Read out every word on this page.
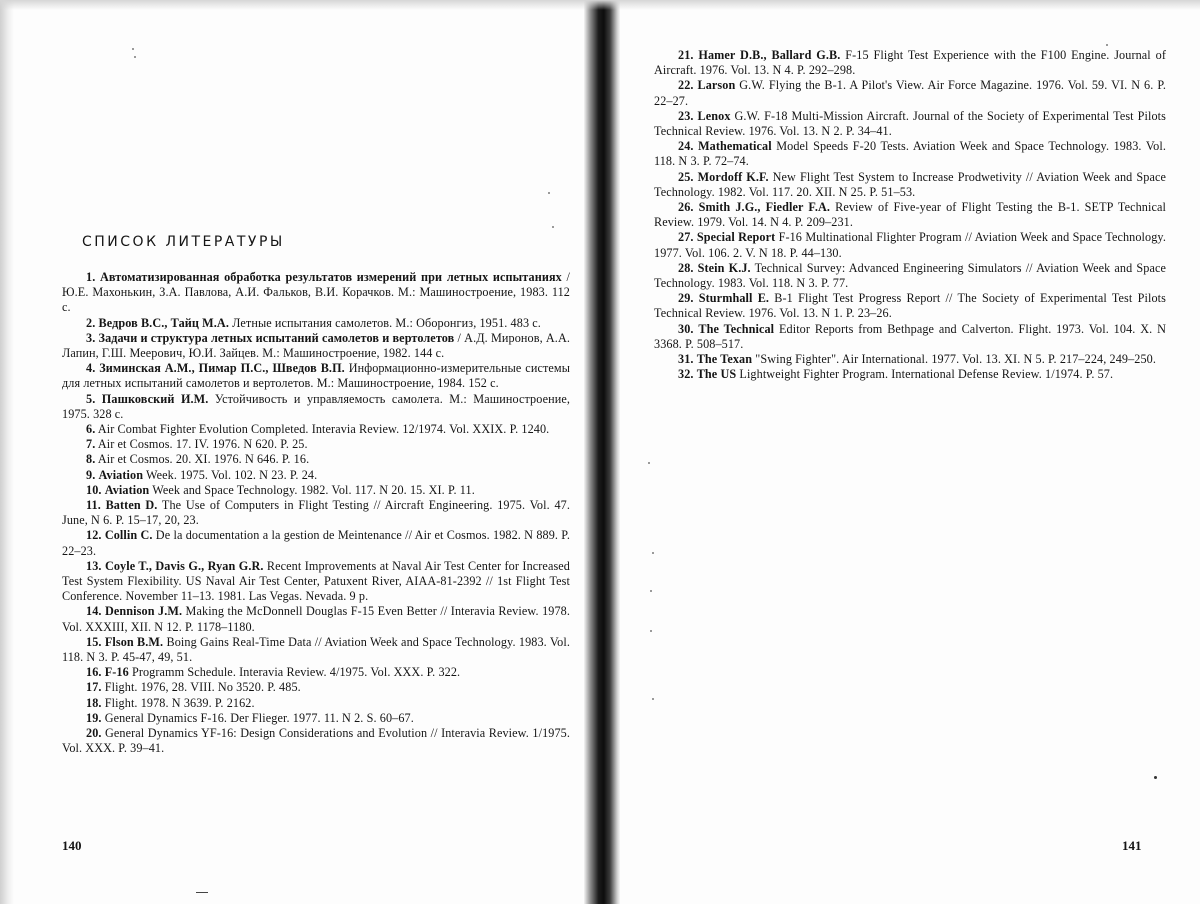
СПИСОК ЛИТЕРАТУРЫ

1. Автоматизированная обработка результатов измерений при летных испытаниях / Ю.Е. Махонькин, З.А. Павлова, А.И. Фальков, В.И. Корачков. М.: Машиностроение, 1983. 112 с.

2. Ведров В.С., Тайц М.А. Летные испытания самолетов. М.: Оборонгиз, 1951. 483 с.

3. Задачи и структура летных испытаний самолетов и вертолетов / А.Д. Миронов, А.А. Лапин, Г.Ш. Меерович, Ю.И. Зайцев. М.: Машиностроение, 1982. 144 с.

4. Зиминская А.М., Пимар П.С., Шведов В.П. Информационно-измерительные системы для летных испытаний самолетов и вертолетов. М.: Машиностроение, 1984. 152 с.

5. Пашковский И.М. Устойчивость и управляемость самолета. М.: Машиностроение, 1975. 328 с.

6. Air Combat Fighter Evolution Completed. Interavia Review. 12/1974. Vol. XXIX. P. 1240.

7. Air et Cosmos. 17. IV. 1976. N 620. P. 25.

8. Air et Cosmos. 20. XI. 1976. N 646. P. 16.

9. Aviation Week. 1975. Vol. 102. N 23. P. 24.

10. Aviation Week and Space Technology. 1982. Vol. 117. N 20. 15. XI. P. 11.

11. Batten D. The Use of Computers in Flight Testing // Aircraft Engineering. 1975. Vol. 47. June, N 6. P. 15–17, 20, 23.

12. Collin C. De la documentation a la gestion de Meintenance // Air et Cosmos. 1982. N 889. P. 22–23.

13. Coyle T., Davis G., Ryan G.R. Recent Improvements at Naval Air Test Center for Increased Test System Flexibility. US Naval Air Test Center, Patuxent River, AIAA-81-2392 // 1st Flight Test Conference. November 11–13. 1981. Las Vegas. Nevada. 9 p.

14. Dennison J.M. Making the McDonnell Douglas F-15 Even Better // Interavia Review. 1978. Vol. XXXIII, XII. N 12. P. 1178–1180.

15. Flson B.M. Boing Gains Real-Time Data // Aviation Week and Space Technology. 1983. Vol. 118. N 3. P. 45-47, 49, 51.

16. F-16 Programm Schedule. Interavia Review. 4/1975. Vol. XXX. P. 322.

17. Flight. 1976, 28. VIII. No 3520. P. 485.

18. Flight. 1978. N 3639. P. 2162.

19. General Dynamics F-16. Der Flieger. 1977. 11. N 2. S. 60–67.

20. General Dynamics YF-16: Design Considerations and Evolution // Interavia Review. 1/1975. Vol. XXX. P. 39–41.

140

21. Hamer D.B., Ballard G.B. F-15 Flight Test Experience with the F100 Engine. Journal of Aircraft. 1976. Vol. 13. N 4. P. 292–298.

22. Larson G.W. Flying the B-1. A Pilot's View. Air Force Magazine. 1976. Vol. 59. VI. N 6. P. 22–27.

23. Lenox G.W. F-18 Multi-Mission Aircraft. Journal of the Society of Experimental Test Pilots Technical Review. 1976. Vol. 13. N 2. P. 34–41.

24. Mathematical Model Speeds F-20 Tests. Aviation Week and Space Technology. 1983. Vol. 118. N 3. P. 72–74.

25. Mordoff K.F. New Flight Test System to Increase Prodwetivity // Aviation Week and Space Technology. 1982. Vol. 117. 20. XII. N 25. P. 51–53.

26. Smith J.G., Fiedler F.A. Review of Five-year of Flight Testing the B-1. SETP Technical Review. 1979. Vol. 14. N 4. P. 209–231.

27. Special Report F-16 Multinational Flighter Program // Aviation Week and Space Technology. 1977. Vol. 106. 2. V. N 18. P. 44–130.

28. Stein K.J. Technical Survey: Advanced Engineering Simulators // Aviation Week and Space Technology. 1983. Vol. 118. N 3. P. 77.

29. Sturmhall E. B-1 Flight Test Progress Report // The Society of Experimental Test Pilots Technical Review. 1976. Vol. 13. N 1. P. 23–26.

30. The Technical Editor Reports from Bethpage and Calverton. Flight. 1973. Vol. 104. X. N 3368. P. 508–517.

31. The Texan "Swing Fighter". Air International. 1977. Vol. 13. XI. N 5. P. 217–224, 249–250.

32. The US Lightweight Fighter Program. International Defense Review. 1/1974. P. 57.

141
